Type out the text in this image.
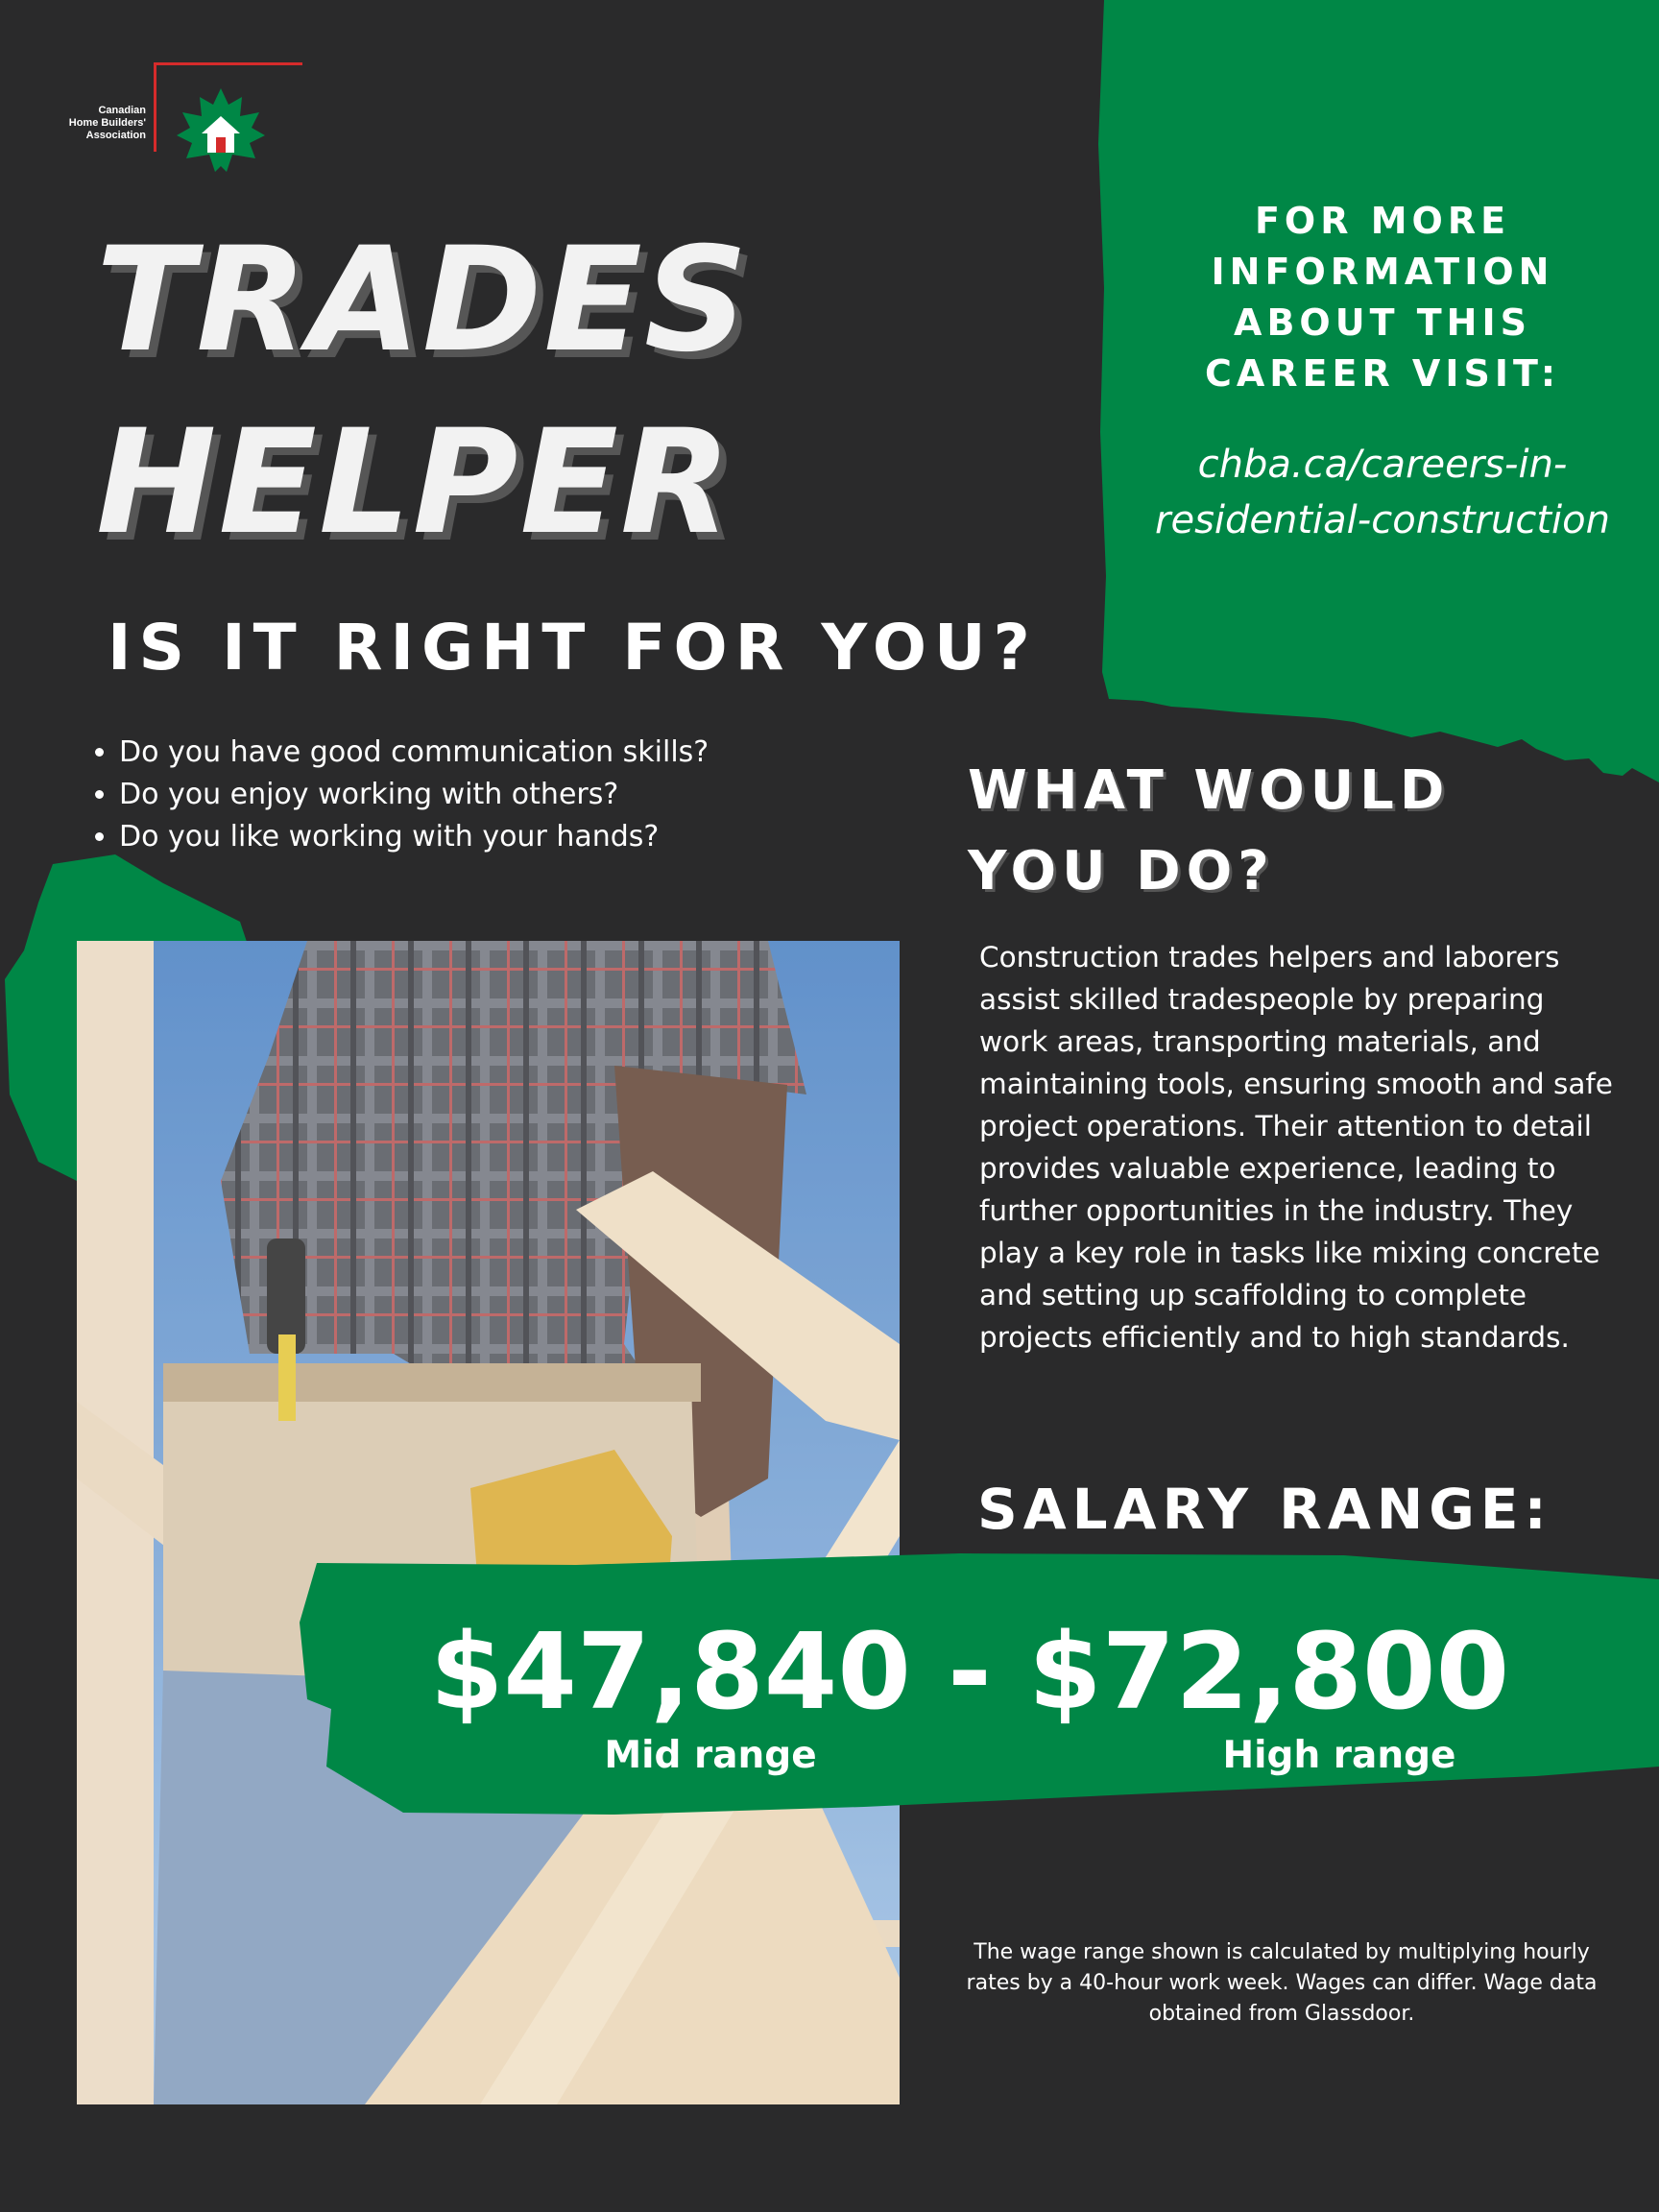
Canadian
Home Builders'
Association
TRADES
HELPER
IS IT RIGHT FOR YOU?
• Do you have good communication skills?
• Do you enjoy working with others?
• Do you like working with your hands?
FOR MORE
INFORMATION
ABOUT THIS
CAREER VISIT:
chba.ca/careers-in-
residential-construction
WHAT WOULD
YOU DO?
Construction trades helpers and laborers assist skilled tradespeople by preparing work areas, transporting materials, and maintaining tools, ensuring smooth and safe project operations. Their attention to detail provides valuable experience, leading to further opportunities in the industry. They play a key role in tasks like mixing concrete and setting up scaffolding to complete projects efficiently and to high standards.
SALARY RANGE:
$47,840 - $72,800
Mid range	High range
The wage range shown is calculated by multiplying hourly rates by a 40-hour work week. Wages can differ. Wage data obtained from Glassdoor.
